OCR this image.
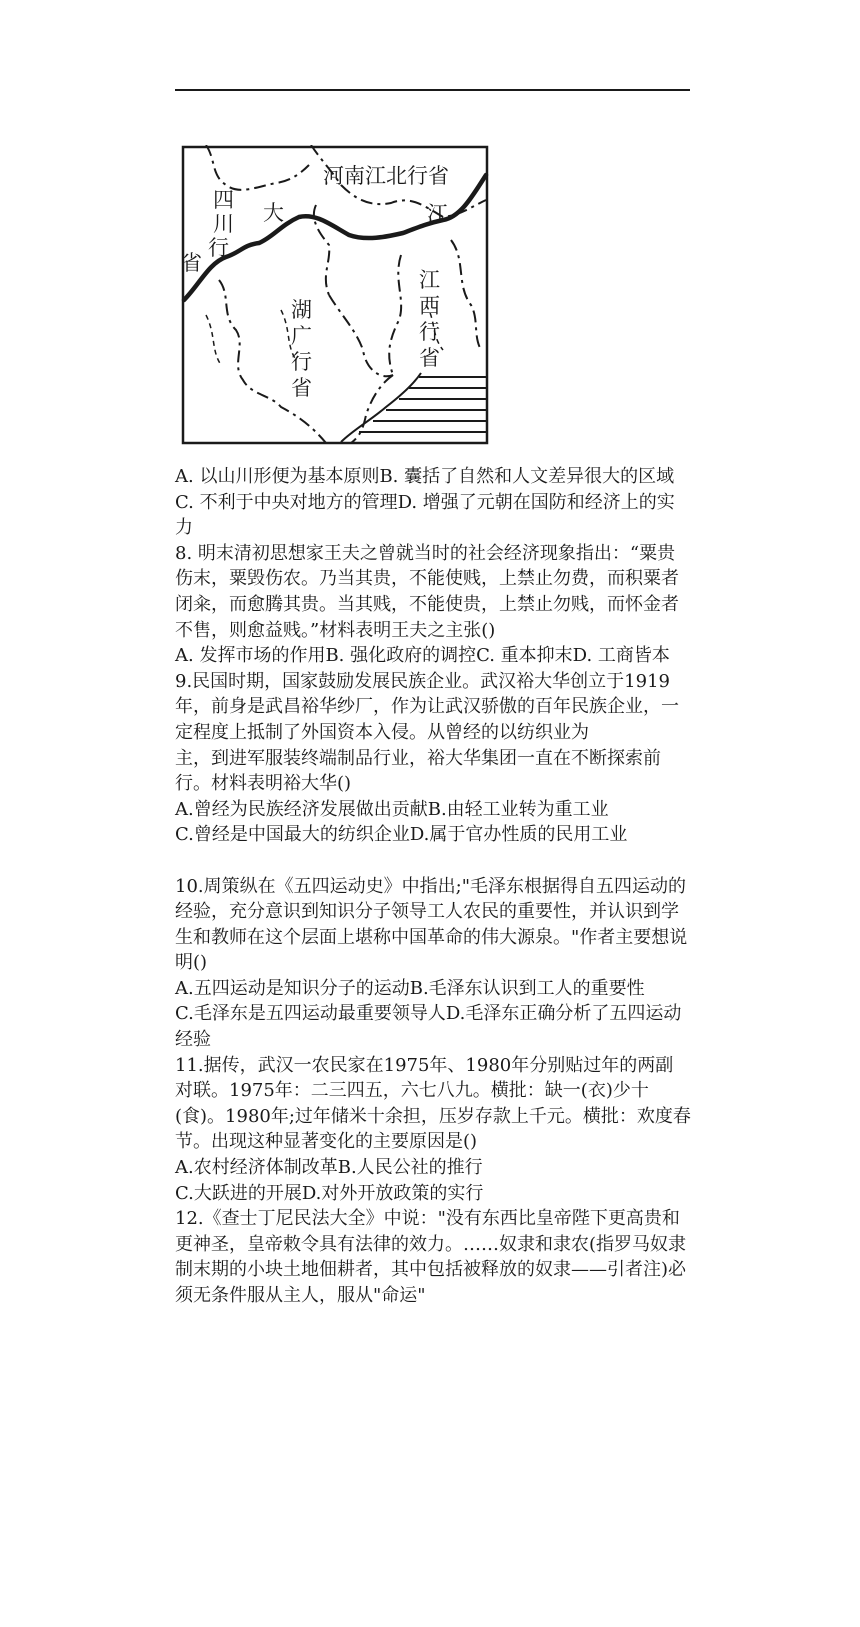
河南江北行省
江
大
四
川
行
省
湖
广
行
省
江
西
行
省

A. 以山川形便为基本原则B. 囊括了自然和人文差异很大的区域

C. 不利于中央对地方的管理D. 增强了元朝在国防和经济上的实力

8. 明末清初思想家王夫之曾就当时的社会经济现象指出：“粟贵伤末，粟毁伤农。乃当其贵，不能使贱，上禁止勿费，而积粟者闭籴，而愈腾其贵。当其贱，不能使贵，上禁止勿贱，而怀金者不售，则愈益贱。”材料表明王夫之主张()

A. 发挥市场的作用B. 强化政府的调控C. 重本抑末D. 工商皆本

9.民国时期，国家鼓励发展民族企业。武汉裕大华创立于1919年，前身是武昌裕华纱厂，作为让武汉骄傲的百年民族企业，一定程度上抵制了外国资本入侵。从曾经的以纺织业为

主，到进军服装终端制品行业，裕大华集团一直在不断探索前行。材料表明裕大华()

A.曾经为民族经济发展做出贡献B.由轻工业转为重工业

C.曾经是中国最大的纺织企业D.属于官办性质的民用工业

10.周策纵在《五四运动史》中指出;"毛泽东根据得自五四运动的经验，充分意识到知识分子领导工人农民的重要性，并认识到学生和教师在这个层面上堪称中国革命的伟大源泉。"作者主要想说明()

A.五四运动是知识分子的运动B.毛泽东认识到工人的重要性

C.毛泽东是五四运动最重要领导人D.毛泽东正确分析了五四运动经验

11.据传，武汉一农民家在1975年、1980年分别贴过年的两副对联。1975年：二三四五，六七八九。横批：缺一(衣)少十(食)。1980年;过年储米十余担，压岁存款上千元。横批：欢度春节。出现这种显著变化的主要原因是()

A.农村经济体制改革B.人民公社的推行

C.大跃进的开展D.对外开放政策的实行

12.《查士丁尼民法大全》中说："没有东西比皇帝陛下更高贵和更神圣，皇帝敕令具有法律的效力。……奴隶和隶农(指罗马奴隶制末期的小块土地佃耕者，其中包括被释放的奴隶——引者注)必须无条件服从主人，服从"命运"
